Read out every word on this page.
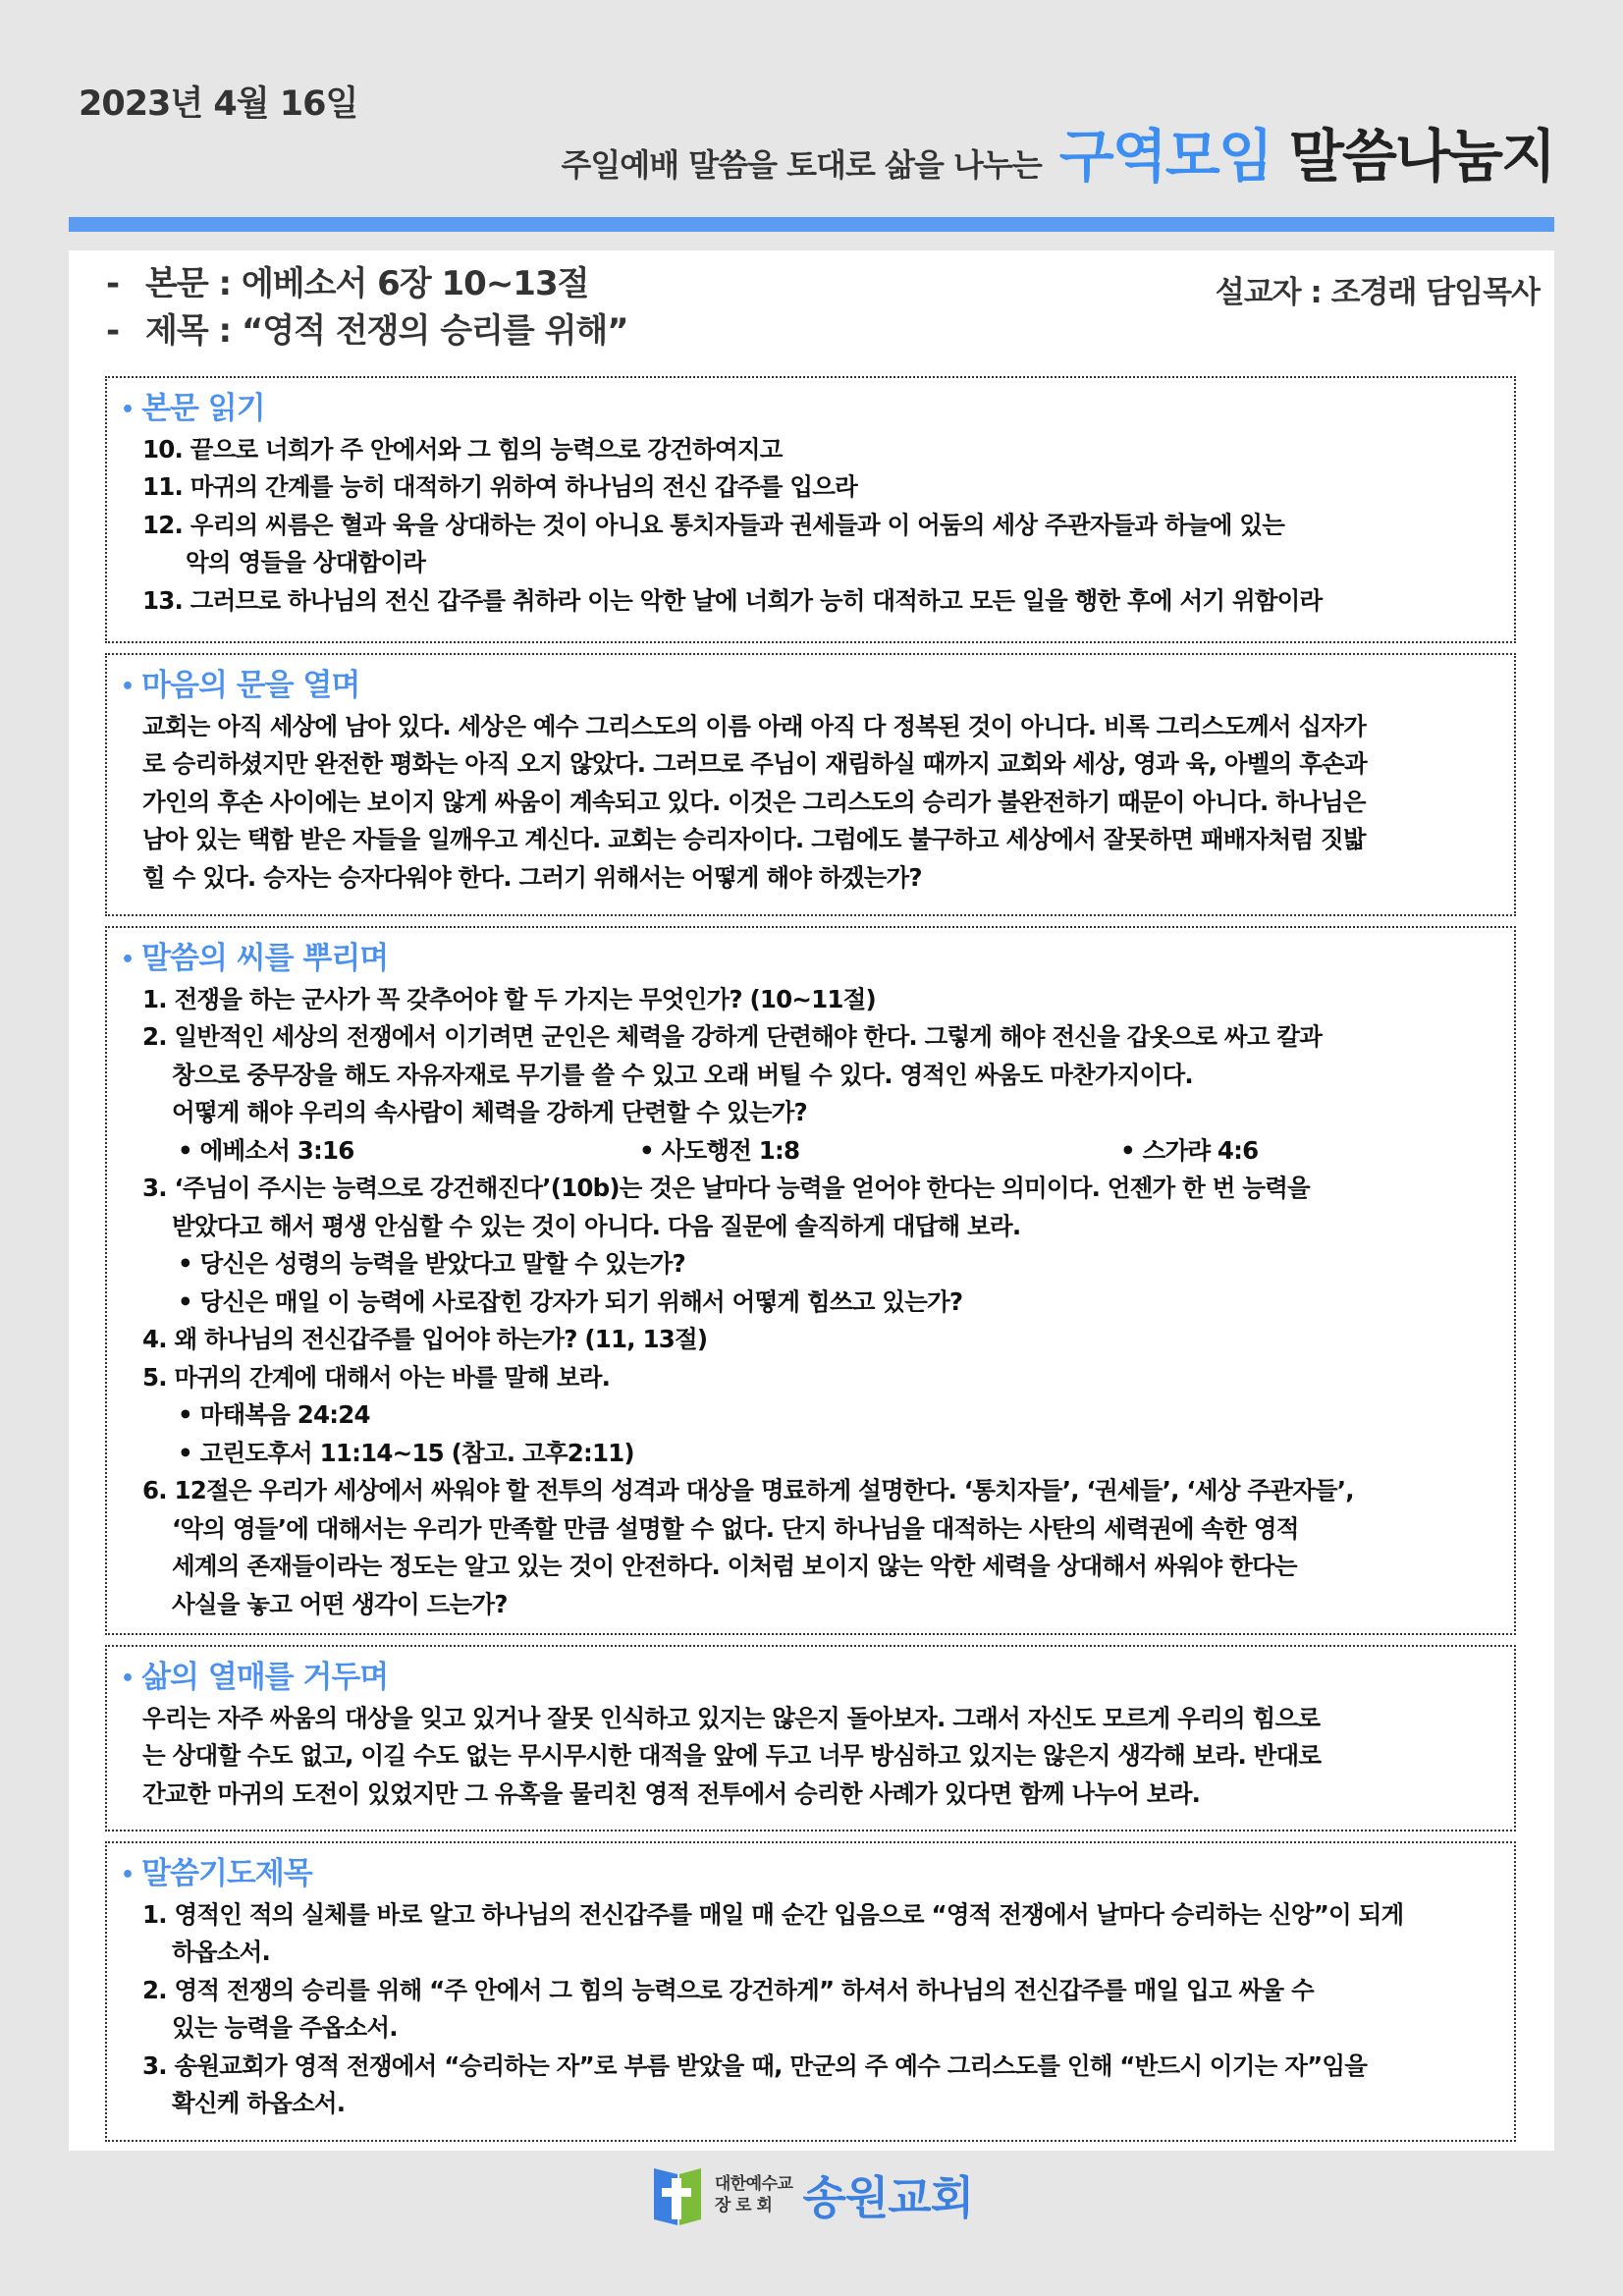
2023년 4월 16일
주일예배 말씀을 토대로 삶을 나누는 구역모임 말씀나눔지
- 본문 : 에베소서 6장 10~13절
- 제목 : “영적 전쟁의 승리를 위해”
설교자 : 조경래 담임목사
• 본문 읽기
10. 끝으로 너희가 주 안에서와 그 힘의 능력으로 강건하여지고
11. 마귀의 간계를 능히 대적하기 위하여 하나님의 전신 갑주를 입으라
12. 우리의 씨름은 혈과 육을 상대하는 것이 아니요 통치자들과 권세들과 이 어둠의 세상 주관자들과 하늘에 있는
악의 영들을 상대함이라
13. 그러므로 하나님의 전신 갑주를 취하라 이는 악한 날에 너희가 능히 대적하고 모든 일을 행한 후에 서기 위함이라
• 마음의 문을 열며
교회는 아직 세상에 남아 있다. 세상은 예수 그리스도의 이름 아래 아직 다 정복된 것이 아니다. 비록 그리스도께서 십자가
로 승리하셨지만 완전한 평화는 아직 오지 않았다. 그러므로 주님이 재림하실 때까지 교회와 세상, 영과 육, 아벨의 후손과
가인의 후손 사이에는 보이지 않게 싸움이 계속되고 있다. 이것은 그리스도의 승리가 불완전하기 때문이 아니다. 하나님은
남아 있는 택함 받은 자들을 일깨우고 계신다. 교회는 승리자이다. 그럼에도 불구하고 세상에서 잘못하면 패배자처럼 짓밟
힐 수 있다. 승자는 승자다워야 한다. 그러기 위해서는 어떻게 해야 하겠는가?
• 말씀의 씨를 뿌리며
1. 전쟁을 하는 군사가 꼭 갖추어야 할 두 가지는 무엇인가? (10~11절)
2. 일반적인 세상의 전쟁에서 이기려면 군인은 체력을 강하게 단련해야 한다. 그렇게 해야 전신을 갑옷으로 싸고 칼과
창으로 중무장을 해도 자유자재로 무기를 쓸 수 있고 오래 버틸 수 있다. 영적인 싸움도 마찬가지이다.
어떻게 해야 우리의 속사람이 체력을 강하게 단련할 수 있는가?
• 에베소서 3:16	• 사도행전 1:8	• 스가랴 4:6
3. ‘주님이 주시는 능력으로 강건해진다’(10b)는 것은 날마다 능력을 얻어야 한다는 의미이다. 언젠가 한 번 능력을
받았다고 해서 평생 안심할 수 있는 것이 아니다. 다음 질문에 솔직하게 대답해 보라.
• 당신은 성령의 능력을 받았다고 말할 수 있는가?
• 당신은 매일 이 능력에 사로잡힌 강자가 되기 위해서 어떻게 힘쓰고 있는가?
4. 왜 하나님의 전신갑주를 입어야 하는가? (11, 13절)
5. 마귀의 간계에 대해서 아는 바를 말해 보라.
• 마태복음 24:24
• 고린도후서 11:14~15 (참고. 고후2:11)
6. 12절은 우리가 세상에서 싸워야 할 전투의 성격과 대상을 명료하게 설명한다. ‘통치자들’, ‘권세들’, ‘세상 주관자들’,
‘악의 영들’에 대해서는 우리가 만족할 만큼 설명할 수 없다. 단지 하나님을 대적하는 사탄의 세력권에 속한 영적
세계의 존재들이라는 정도는 알고 있는 것이 안전하다. 이처럼 보이지 않는 악한 세력을 상대해서 싸워야 한다는
사실을 놓고 어떤 생각이 드는가?
• 삶의 열매를 거두며
우리는 자주 싸움의 대상을 잊고 있거나 잘못 인식하고 있지는 않은지 돌아보자. 그래서 자신도 모르게 우리의 힘으로
는 상대할 수도 없고, 이길 수도 없는 무시무시한 대적을 앞에 두고 너무 방심하고 있지는 않은지 생각해 보라. 반대로
간교한 마귀의 도전이 있었지만 그 유혹을 물리친 영적 전투에서 승리한 사례가 있다면 함께 나누어 보라.
• 말씀기도제목
1. 영적인 적의 실체를 바로 알고 하나님의 전신갑주를 매일 매 순간 입음으로 “영적 전쟁에서 날마다 승리하는 신앙”이 되게
하옵소서.
2. 영적 전쟁의 승리를 위해 “주 안에서 그 힘의 능력으로 강건하게” 하셔서 하나님의 전신갑주를 매일 입고 싸울 수
있는 능력을 주옵소서.
3. 송원교회가 영적 전쟁에서 “승리하는 자”로 부름 받았을 때, 만군의 주 예수 그리스도를 인해 “반드시 이기는 자”임을
확신케 하옵소서.
대한예수교
장 로 회 송원교회
